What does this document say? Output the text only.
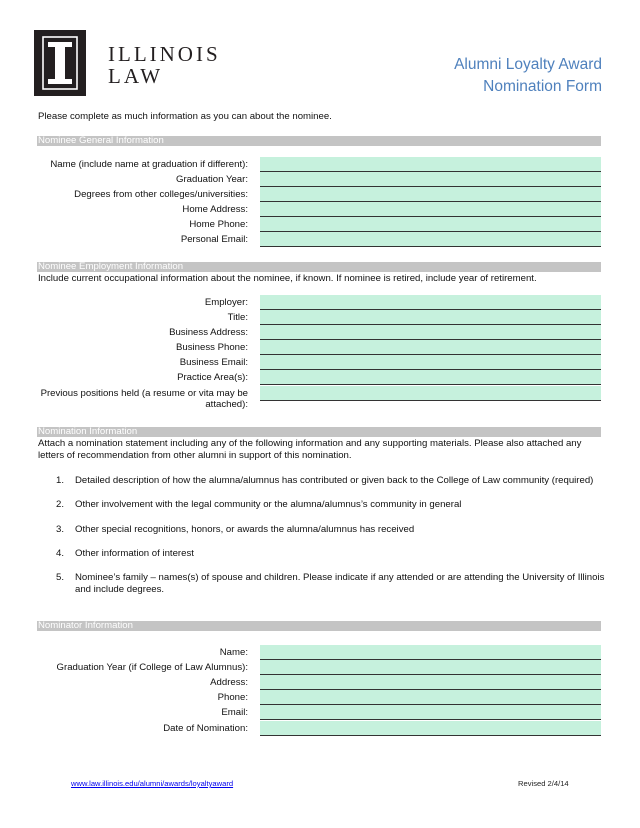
ILLINOIS
LAW	Alumni Loyalty Award
Nomination Form
Please complete as much information as you can about the nominee.
Nominee General Information
Name (include name at graduation if different):
Graduation Year:
Degrees from other colleges/universities:
Home Address:
Home Phone:
Personal Email:
Nominee Employment Information
Include current occupational information about the nominee, if known. If nominee is retired, include year of retirement.
Employer:
Title:
Business Address:
Business Phone:
Business Email:
Practice Area(s):
Previous positions held (a resume or vita may be attached):
Nomination Information
Attach a nomination statement including any of the following information and any supporting materials. Please also attached any letters of recommendation from other alumni in support of this nomination.
1. Detailed description of how the alumna/alumnus has contributed or given back to the College of Law community (required)
2. Other involvement with the legal community or the alumna/alumnus’s community in general
3. Other special recognitions, honors, or awards the alumna/alumnus has received
4. Other information of interest
5. Nominee’s family – names(s) of spouse and children. Please indicate if any attended or are attending the University of Illinois and include degrees.
Nominator Information
Name:
Graduation Year (if College of Law Alumnus):
Address:
Phone:
Email:
Date of Nomination:
www.law.illinois.edu/alumni/awards/loyaltyaward	Revised 2/4/14
